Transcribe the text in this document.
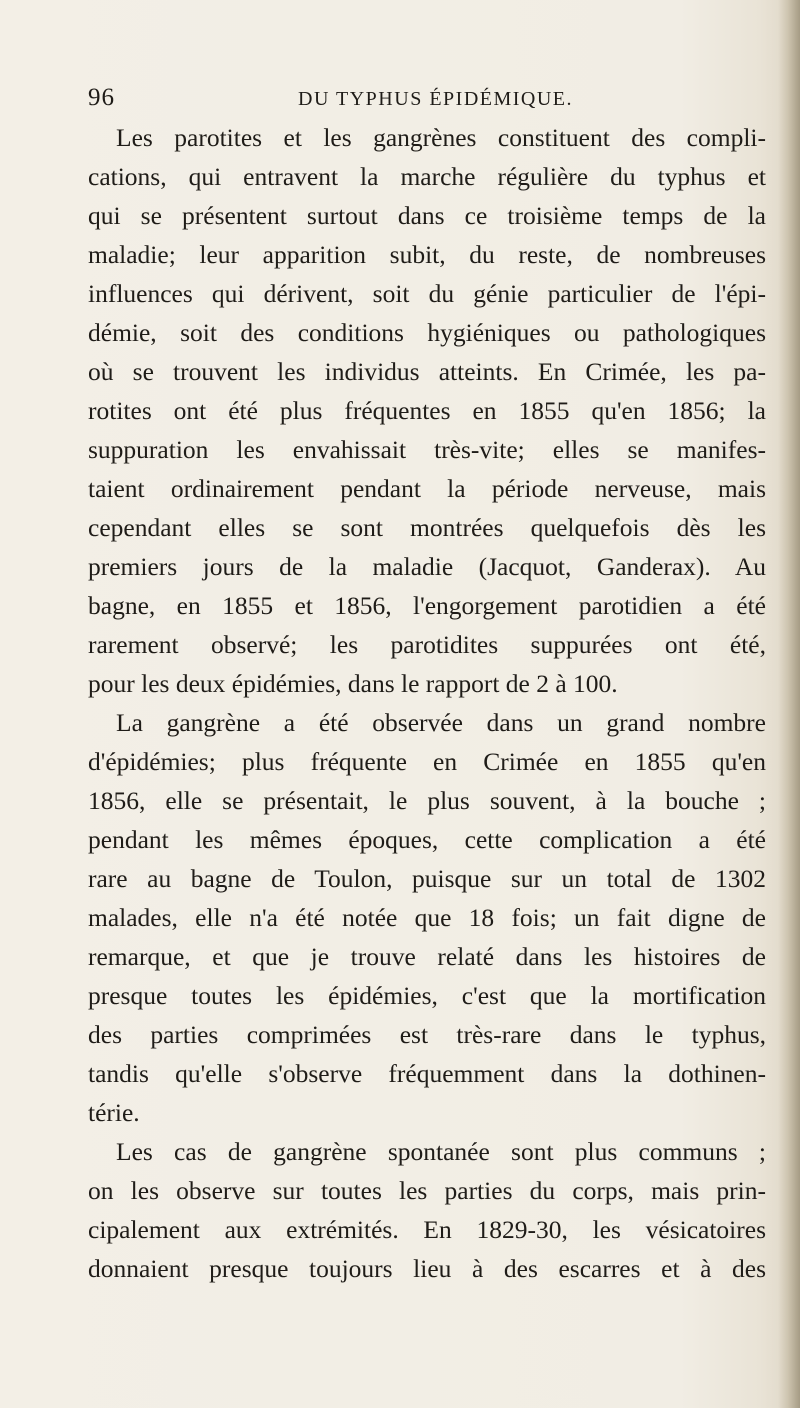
96	DU TYPHUS ÉPIDÉMIQUE.
Les parotites et les gangrènes constituent des compli-
cations, qui entravent la marche régulière du typhus et
qui se présentent surtout dans ce troisième temps de la
maladie; leur apparition subit, du reste, de nombreuses
influences qui dérivent, soit du génie particulier de l'épi-
démie, soit des conditions hygiéniques ou pathologiques
où se trouvent les individus atteints. En Crimée, les pa-
rotites ont été plus fréquentes en 1855 qu'en 1856; la
suppuration les envahissait très-vite; elles se manifes-
taient ordinairement pendant la période nerveuse, mais
cependant elles se sont montrées quelquefois dès les
premiers jours de la maladie (Jacquot, Ganderax). Au
bagne, en 1855 et 1856, l'engorgement parotidien a été
rarement observé; les parotidites suppurées ont été,
pour les deux épidémies, dans le rapport de 2 à 100.
La gangrène a été observée dans un grand nombre
d'épidémies; plus fréquente en Crimée en 1855 qu'en
1856, elle se présentait, le plus souvent, à la bouche ;
pendant les mêmes époques, cette complication a été
rare au bagne de Toulon, puisque sur un total de 1302
malades, elle n'a été notée que 18 fois; un fait digne de
remarque, et que je trouve relaté dans les histoires de
presque toutes les épidémies, c'est que la mortification
des parties comprimées est très-rare dans le typhus,
tandis qu'elle s'observe fréquemment dans la dothinen-
térie.
Les cas de gangrène spontanée sont plus communs ;
on les observe sur toutes les parties du corps, mais prin-
cipalement aux extrémités. En 1829-30, les vésicatoires
donnaient presque toujours lieu à des escarres et à des
